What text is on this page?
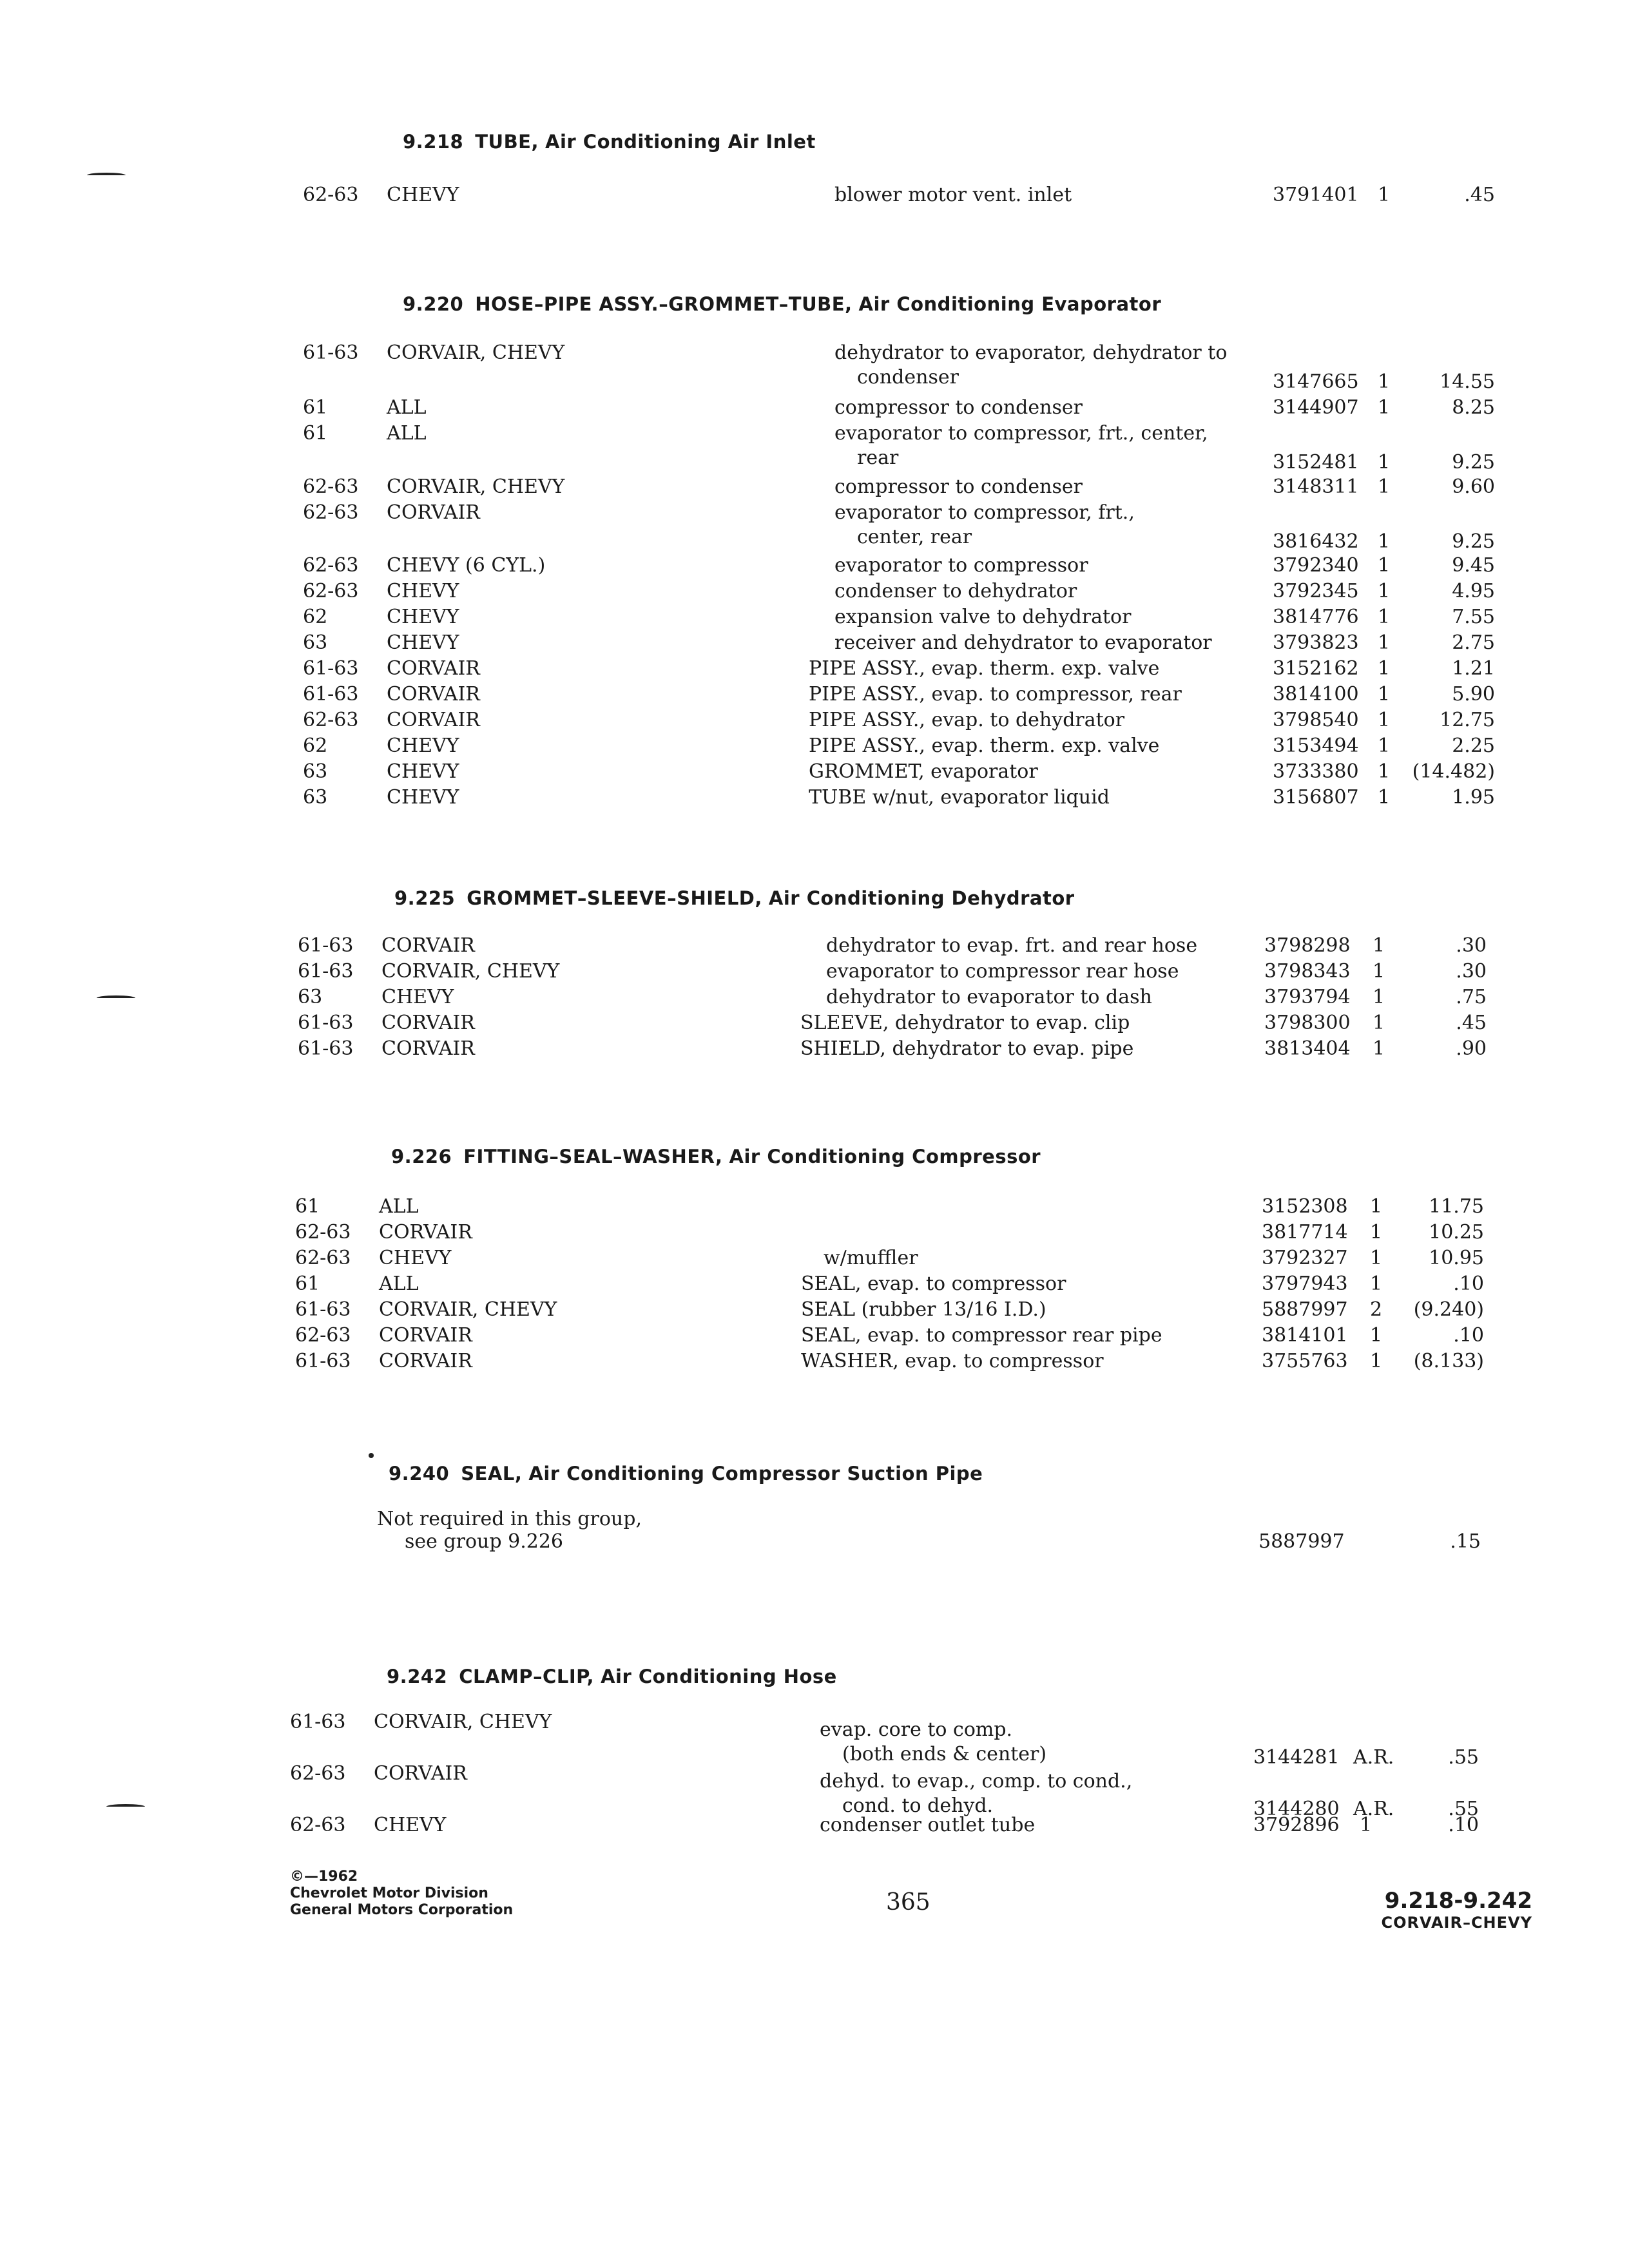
9.218 TUBE, Air Conditioning Air Inlet
62-63 CHEVY	blower motor vent. inlet	3791401 1	.45
9.220 HOSE–PIPE ASSY.–GROMMET–TUBE, Air Conditioning Evaporator
61-63 CORVAIR, CHEVY	dehydrator to evaporator, dehydrator to
condenser	3147665 1	14.55
61	ALL	compressor to condenser	3144907 1	8.25
61	ALL	evaporator to compressor, frt., center,
rear	3152481 1	9.25
62-63 CORVAIR, CHEVY	compressor to condenser	3148311 1	9.60
62-63 CORVAIR	evaporator to compressor, frt.,
center, rear	3816432 1	9.25
62-63 CHEVY (6 CYL.)	evaporator to compressor	3792340 1	9.45
62-63 CHEVY	condenser to dehydrator	3792345 1	4.95
62	CHEVY	expansion valve to dehydrator	3814776 1	7.55
63	CHEVY	receiver and dehydrator to evaporator	3793823 1	2.75
61-63 CORVAIR	PIPE ASSY., evap. therm. exp. valve	3152162 1	1.21
61-63 CORVAIR	PIPE ASSY., evap. to compressor, rear	3814100 1	5.90
62-63 CORVAIR	PIPE ASSY., evap. to dehydrator	3798540 1	12.75
62	CHEVY	PIPE ASSY., evap. therm. exp. valve	3153494 1	2.25
63	CHEVY	GROMMET, evaporator	3733380 1	(14.482)
63	CHEVY	TUBE w/nut, evaporator liquid	3156807 1	1.95
9.225 GROMMET–SLEEVE–SHIELD, Air Conditioning Dehydrator
61-63 CORVAIR	dehydrator to evap. frt. and rear hose	3798298	1	.30
61-63 CORVAIR, CHEVY	evaporator to compressor rear hose	3798343	1	.30
63	CHEVY	dehydrator to evaporator to dash	3793794	1	.75
61-63 CORVAIR	SLEEVE, dehydrator to evap. clip	3798300	1	.45
61-63 CORVAIR	SHIELD, dehydrator to evap. pipe	3813404	1	.90
9.226 FITTING–SEAL–WASHER, Air Conditioning Compressor
61	ALL	3152308	1	11.75
62-63 CORVAIR	3817714	1	10.25
62-63 CHEVY	w/muffler	3792327	1	10.95
61	ALL	SEAL, evap. to compressor	3797943	1	.10
61-63 CORVAIR, CHEVY	SEAL (rubber 13/16 I.D.)	5887997	2	(9.240)
62-63 CORVAIR	SEAL, evap. to compressor rear pipe	3814101	1	.10
61-63 CORVAIR	WASHER, evap. to compressor	3755763	1	(8.133)
9.240 SEAL, Air Conditioning Compressor Suction Pipe
Not required in this group,
see group 9.226	5887997	.15
9.242 CLAMP–CLIP, Air Conditioning Hose
61-63 CORVAIR, CHEVY	evap. core to comp.
(both ends & center)	3144281 A.R.	.55
62-63 CORVAIR	dehyd. to evap., comp. to cond.,
cond. to dehyd.	3144280 A.R.	.55
62-63 CHEVY	condenser outlet tube	3792896	1	.10
©—1962
Chevrolet Motor Division
General Motors Corporation	365	9.218-9.242
CORVAIR–CHEVY
